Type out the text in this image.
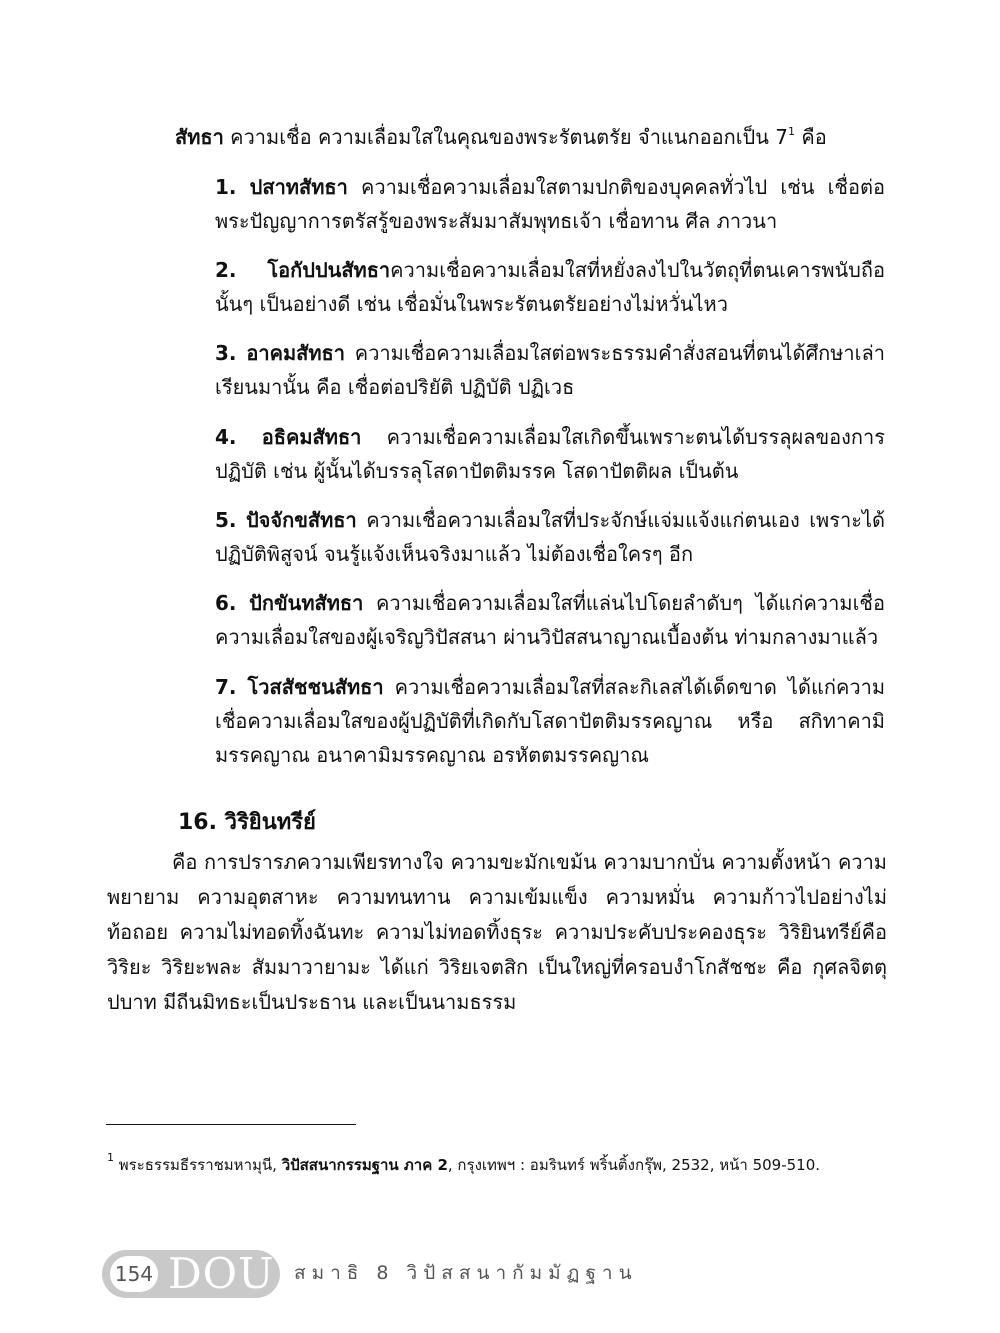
สัทธา ความเชื่อ ความเลื่อมใสในคุณของพระรัตนตรัย จำแนกออกเป็น $7^1$ คือ
1. ปสาทสัทธา ความเชื่อความเลื่อมใสตามปกติของบุคคลทั่วไป เช่น เชื่อต่อพระปัญญาการตรัสรู้ของพระสัมมาสัมพุทธเจ้า เชื่อทาน ศีล ภาวนา
2. โอกัปปนสัทธาความเชื่อความเลื่อมใสที่หยั่งลงไปในวัตถุที่ตนเคารพนับถือนั้นๆ เป็นอย่างดี เช่น เชื่อมั่นในพระรัตนตรัยอย่างไม่หวั่นไหว
3. อาคมสัทธา ความเชื่อความเลื่อมใสต่อพระธรรมคำสั่งสอนที่ตนได้ศึกษาเล่าเรียนมานั้น คือ เชื่อต่อปริยัติ ปฏิบัติ ปฏิเวธ
4. อธิคมสัทธา ความเชื่อความเลื่อมใสเกิดขึ้นเพราะตนได้บรรลุผลของการปฏิบัติ เช่น ผู้นั้นได้บรรลุโสดาปัตติมรรค โสดาปัตติผล เป็นต้น
5. ปัจจักขสัทธา ความเชื่อความเลื่อมใสที่ประจักษ์แจ่มแจ้งแก่ตนเอง เพราะได้ปฏิบัติพิสูจน์ จนรู้แจ้งเห็นจริงมาแล้ว ไม่ต้องเชื่อใครๆ อีก
6. ปักขันทสัทธา ความเชื่อความเลื่อมใสที่แล่นไปโดยลำดับๆ ได้แก่ความเชื่อความเลื่อมใสของผู้เจริญวิปัสสนา ผ่านวิปัสสนาญาณเบื้องต้น ท่ามกลางมาแล้ว
7. โวสสัชชนสัทธา ความเชื่อความเลื่อมใสที่สละกิเลสได้เด็ดขาด ได้แก่ความเชื่อความเลื่อมใสของผู้ปฏิบัติที่เกิดกับโสดาปัตติมรรคญาณ หรือ สกิทาคามิมรรคญาณ อนาคามิมรรคญาณ อรหัตตมรรคญาณ
16. วิริยินทรีย์
คือ การปรารภความเพียรทางใจ ความขะมักเขม้น ความบากบั่น ความตั้งหน้า ความพยายาม ความอุตสาหะ ความทนทาน ความเข้มแข็ง ความหมั่น ความก้าวไปอย่างไม่ท้อถอย ความไม่ทอดทิ้งฉันทะ ความไม่ทอดทิ้งธุระ ความประคับประคองธุระ วิริยินทรีย์คือ วิริยะ วิริยะพละ สัมมาวายามะ ได้แก่ วิริยเจตสิก เป็นใหญ่ที่ครอบงำโกสัชชะ คือ กุศลจิตตุปบาท มีถีนมิทธะเป็นประธาน และเป็นนามธรรม
$^1$ พระธรรมธีรราชมหามุนี, วิปัสสนากรรมฐาน ภาค 2, กรุงเทพฯ : อมรินทร์ พริ้นติ้งกรุ๊พ, 2532, หน้า 509-510.
154 DOU สมาธิ 8 วิปัสสนากัมมัฏฐาน
